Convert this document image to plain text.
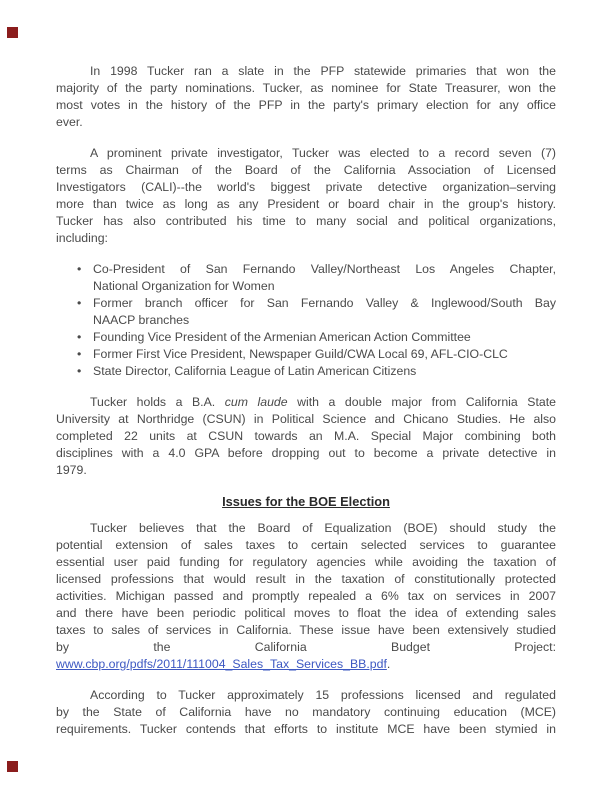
In 1998 Tucker ran a slate in the PFP statewide primaries that won the
majority of the party nominations. Tucker, as nominee for State Treasurer, won the
most votes in the history of the PFP in the party's primary election for any office
ever.
A prominent private investigator, Tucker was elected to a record seven (7)
terms as Chairman of the Board of the California Association of Licensed
Investigators (CALI)--the world's biggest private detective organization–serving
more than twice as long as any President or board chair in the group's history.
Tucker has also contributed his time to many social and political organizations,
including:
• Co-President of San Fernando Valley/Northeast Los Angeles Chapter,
National Organization for Women
• Former branch officer for San Fernando Valley & Inglewood/South Bay
NAACP branches
• Founding Vice President of the Armenian American Action Committee
• Former First Vice President, Newspaper Guild/CWA Local 69, AFL-CIO-CLC
• State Director, California League of Latin American Citizens
Tucker holds a B.A. cum laude with a double major from California State
University at Northridge (CSUN) in Political Science and Chicano Studies. He also
completed 22 units at CSUN towards an M.A. Special Major combining both
disciplines with a 4.0 GPA before dropping out to become a private detective in
1979.
Issues for the BOE Election
Tucker believes that the Board of Equalization (BOE) should study the
potential extension of sales taxes to certain selected services to guarantee
essential user paid funding for regulatory agencies while avoiding the taxation of
licensed professions that would result in the taxation of constitutionally protected
activities. Michigan passed and promptly repealed a 6% tax on services in 2007
and there have been periodic political moves to float the idea of extending sales
taxes to sales of services in California. These issue have been extensively studied
by the California Budget Project:
www.cbp.org/pdfs/2011/111004_Sales_Tax_Services_BB.pdf.
According to Tucker approximately 15 professions licensed and regulated
by the State of California have no mandatory continuing education (MCE)
requirements. Tucker contends that efforts to institute MCE have been stymied in
